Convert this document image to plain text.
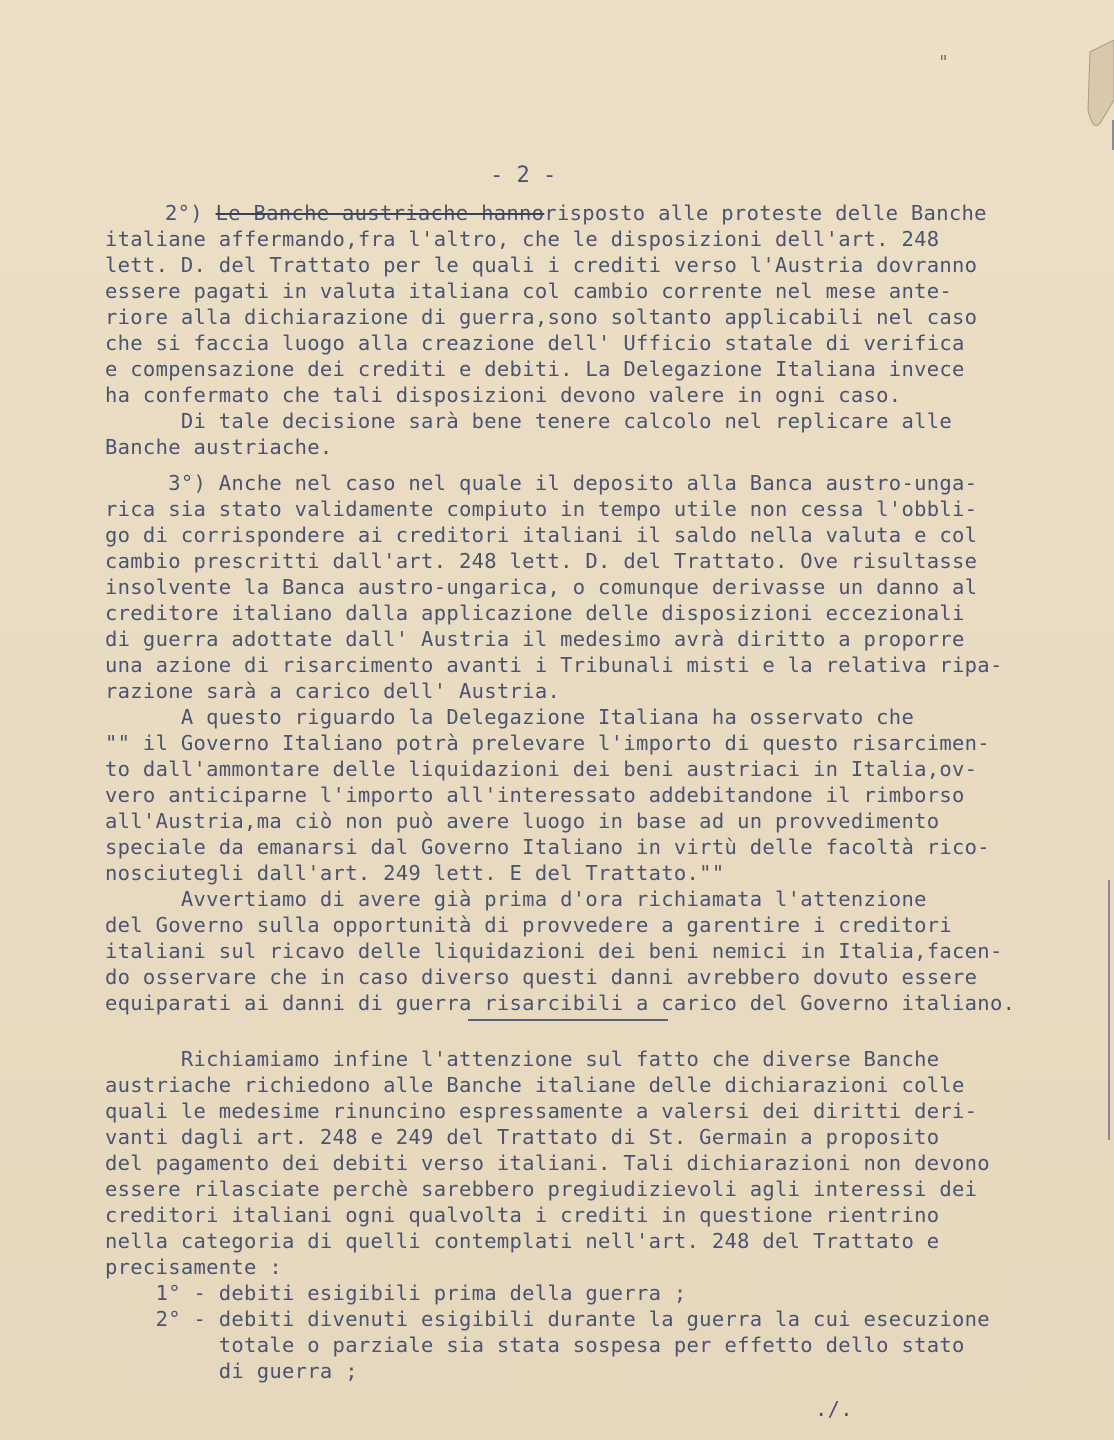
"
- 2 -
2°) Le Banche austriache hannorisposto alle proteste delle Banche
italiane affermando,fra l'altro, che le disposizioni dell'art. 248
lett. D. del Trattato per le quali i crediti verso l'Austria dovranno
essere pagati in valuta italiana col cambio corrente nel mese ante-
riore alla dichiarazione di guerra,sono soltanto applicabili nel caso
che si faccia luogo alla creazione dell' Ufficio statale di verifica
e compensazione dei crediti e debiti. La Delegazione Italiana invece
ha confermato che tali disposizioni devono valere in ogni caso.
Di tale decisione sarà bene tenere calcolo nel replicare alle
Banche austriache.
3°) Anche nel caso nel quale il deposito alla Banca austro-unga-
rica sia stato validamente compiuto in tempo utile non cessa l'obbli-
go di corrispondere ai creditori italiani il saldo nella valuta e col
cambio prescritti dall'art. 248 lett. D. del Trattato. Ove risultasse
insolvente la Banca austro-ungarica, o comunque derivasse un danno al
creditore italiano dalla applicazione delle disposizioni eccezionali
di guerra adottate dall' Austria il medesimo avrà diritto a proporre
una azione di risarcimento avanti i Tribunali misti e la relativa ripa-
razione sarà a carico dell' Austria.
A questo riguardo la Delegazione Italiana ha osservato che
"" il Governo Italiano potrà prelevare l'importo di questo risarcimen-
to dall'ammontare delle liquidazioni dei beni austriaci in Italia,ov-
vero anticiparne l'importo all'interessato addebitandone il rimborso
all'Austria,ma ciò non può avere luogo in base ad un provvedimento
speciale da emanarsi dal Governo Italiano in virtù delle facoltà rico-
nosciutegli dall'art. 249 lett. E del Trattato.""
Avvertiamo di avere già prima d'ora richiamata l'attenzione
del Governo sulla opportunità di provvedere a garentire i creditori
italiani sul ricavo delle liquidazioni dei beni nemici in Italia,facen-
do osservare che in caso diverso questi danni avrebbero dovuto essere
equiparati ai danni di guerra risarcibili a carico del Governo italiano.
Richiamiamo infine l'attenzione sul fatto che diverse Banche
austriache richiedono alle Banche italiane delle dichiarazioni colle
quali le medesime rinuncino espressamente a valersi dei diritti deri-
vanti dagli art. 248 e 249 del Trattato di St. Germain a proposito
del pagamento dei debiti verso italiani. Tali dichiarazioni non devono
essere rilasciate perchè sarebbero pregiudizievoli agli interessi dei
creditori italiani ogni qualvolta i crediti in questione rientrino
nella categoria di quelli contemplati nell'art. 248 del Trattato e
precisamente :
1° - debiti esigibili prima della guerra ;
2° - debiti divenuti esigibili durante la guerra la cui esecuzione
totale o parziale sia stata sospesa per effetto dello stato
di guerra ;
./.
